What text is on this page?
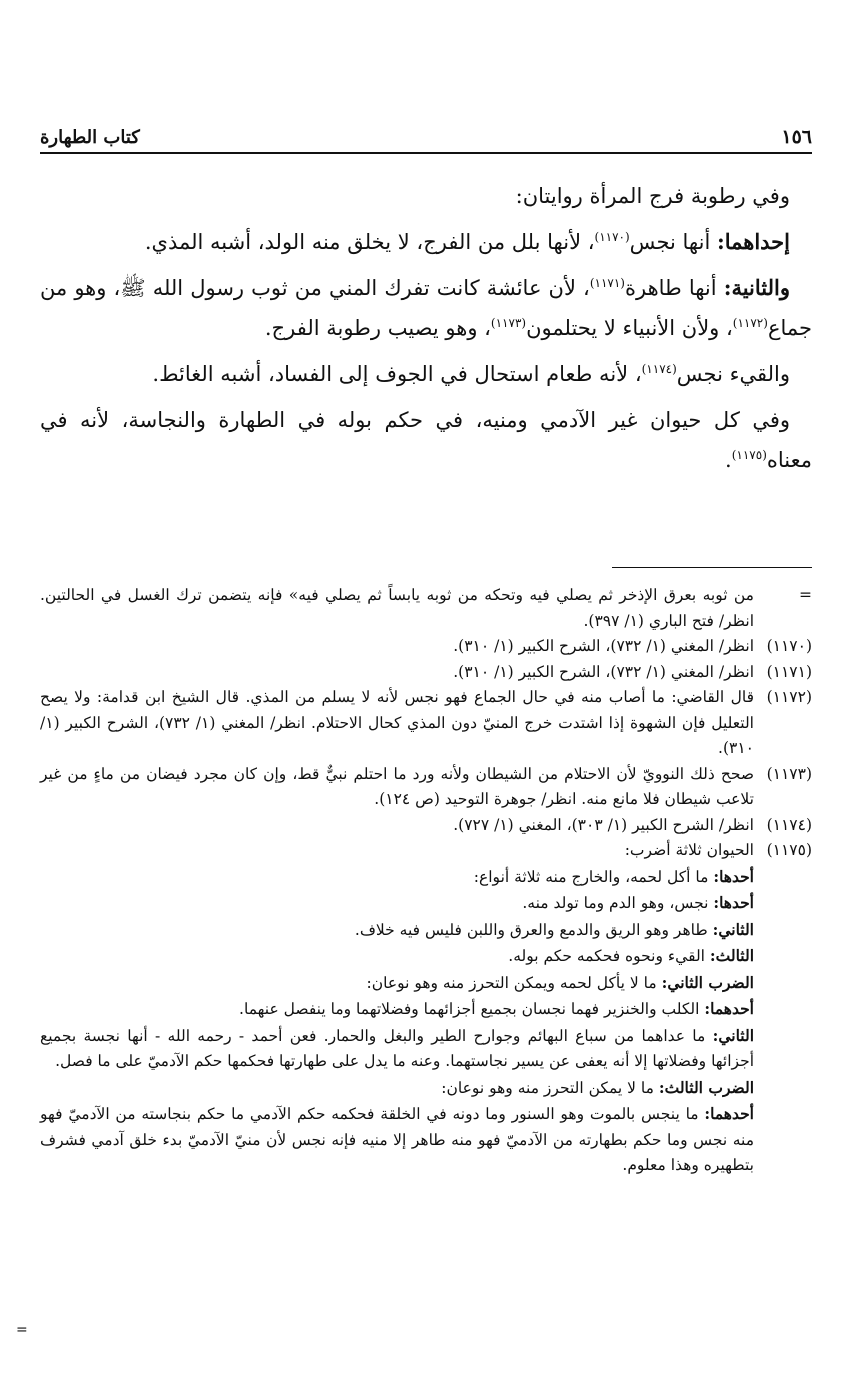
١٥٦
كتاب الطهارة

وفي رطوبة فرج المرأة روايتان:

إحداهما: أنها نجس$^{(١١٧٠)}$، لأنها بلل من الفرج، لا يخلق منه الولد، أشبه المذي.

والثانية: أنها طاهرة$^{(١١٧١)}$، لأن عائشة كانت تفرك المني من ثوب رسول الله ﷺ، وهو من جماع$^{(١١٧٢)}$، ولأن الأنبياء لا يحتلمون$^{(١١٧٣)}$، وهو يصيب رطوبة الفرج.

والقيء نجس$^{(١١٧٤)}$، لأنه طعام استحال في الجوف إلى الفساد، أشبه الغائط.

وفي كل حيوان غير الآدمي ومنيه، في حكم بوله في الطهارة والنجاسة، لأنه في معناه$^{(١١٧٥)}$.

=
من ثوبه بعرق الإذخر ثم يصلي فيه وتحكه من ثوبه يابساً ثم يصلي فيه» فإنه يتضمن ترك الغسل في الحالتين. انظر/ فتح الباري (١/ ٣٩٧).
(١١٧٠)
انظر/ المغني (١/ ٧٣٢)، الشرح الكبير (١/ ٣١٠).
(١١٧١)
انظر/ المغني (١/ ٧٣٢)، الشرح الكبير (١/ ٣١٠).
(١١٧٢)
قال القاضي: ما أصاب منه في حال الجماع فهو نجس لأنه لا يسلم من المذي. قال الشيخ ابن قدامة: ولا يصح التعليل فإن الشهوة إذا اشتدت خرج المنيّ دون المذي كحال الاحتلام. انظر/ المغني (١/ ٧٣٢)، الشرح الكبير (١/ ٣١٠).
(١١٧٣)
صحح ذلك النوويّ لأن الاحتلام من الشيطان ولأنه ورد ما احتلم نبيٌّ قط، وإن كان مجرد فيضان من ماءٍ من غير تلاعب شيطان فلا مانع منه. انظر/ جوهرة التوحيد (ص ١٢٤).
(١١٧٤)
انظر/ الشرح الكبير (١/ ٣٠٣)، المغني (١/ ٧٢٧).
(١١٧٥)
الحيوان ثلاثة أضرب:
أحدها: ما أكل لحمه، والخارج منه ثلاثة أنواع:
أحدها: نجس، وهو الدم وما تولد منه.
الثاني: طاهر وهو الريق والدمع والعرق واللبن فليس فيه خلاف.
الثالث: القيء ونحوه فحكمه حكم بوله.
الضرب الثاني: ما لا يأكل لحمه ويمكن التحرز منه وهو نوعان:
أحدهما: الكلب والخنزير فهما نجسان بجميع أجزائهما وفضلاتهما وما ينفصل عنهما.
الثاني: ما عداهما من سباع البهائم وجوارح الطير والبغل والحمار. فعن أحمد - رحمه الله - أنها نجسة بجميع أجزائها وفضلاتها إلا أنه يعفى عن يسير نجاستهما. وعنه ما يدل على طهارتها فحكمها حكم الآدميّ على ما فصل.
الضرب الثالث: ما لا يمكن التحرز منه وهو نوعان:
أحدهما: ما ينجس بالموت وهو السنور وما دونه في الخلقة فحكمه حكم الآدمي ما حكم بنجاسته من الآدميّ فهو منه نجس وما حكم بطهارته من الآدميّ فهو منه طاهر إلا منيه فإنه نجس لأن منيّ الآدميّ بدء خلق آدمي فشرف بتطهيره وهذا معلوم.
=
